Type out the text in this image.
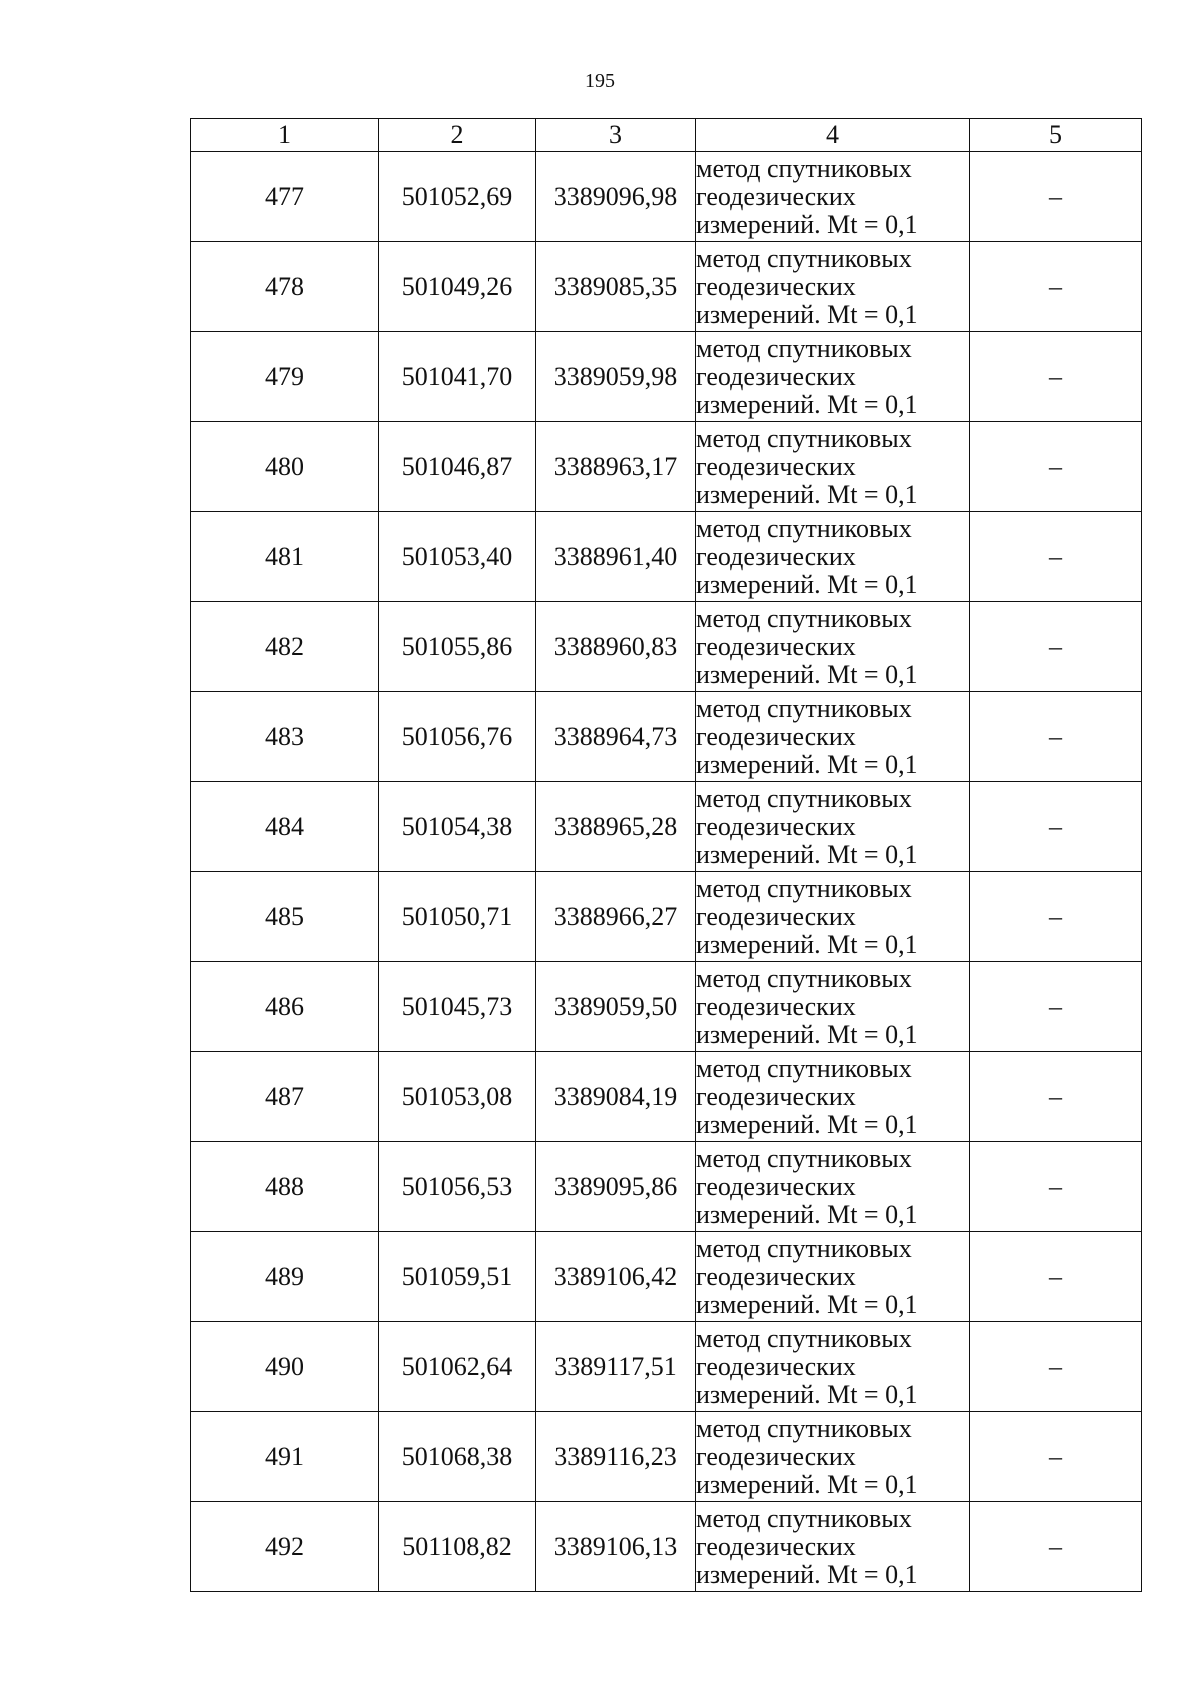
195
1	2	3	4	5
477	501052,69	3389096,98	метод спутниковых
геодезических
измерений. Mt = 0,1	–
478	501049,26	3389085,35	метод спутниковых
геодезических
измерений. Mt = 0,1	–
479	501041,70	3389059,98	метод спутниковых
геодезических
измерений. Mt = 0,1	–
480	501046,87	3388963,17	метод спутниковых
геодезических
измерений. Mt = 0,1	–
481	501053,40	3388961,40	метод спутниковых
геодезических
измерений. Mt = 0,1	–
482	501055,86	3388960,83	метод спутниковых
геодезических
измерений. Mt = 0,1	–
483	501056,76	3388964,73	метод спутниковых
геодезических
измерений. Mt = 0,1	–
484	501054,38	3388965,28	метод спутниковых
геодезических
измерений. Mt = 0,1	–
485	501050,71	3388966,27	метод спутниковых
геодезических
измерений. Mt = 0,1	–
486	501045,73	3389059,50	метод спутниковых
геодезических
измерений. Mt = 0,1	–
487	501053,08	3389084,19	метод спутниковых
геодезических
измерений. Mt = 0,1	–
488	501056,53	3389095,86	метод спутниковых
геодезических
измерений. Mt = 0,1	–
489	501059,51	3389106,42	метод спутниковых
геодезических
измерений. Mt = 0,1	–
490	501062,64	3389117,51	метод спутниковых
геодезических
измерений. Mt = 0,1	–
491	501068,38	3389116,23	метод спутниковых
геодезических
измерений. Mt = 0,1	–
492	501108,82	3389106,13	метод спутниковых
геодезических
измерений. Mt = 0,1	–
